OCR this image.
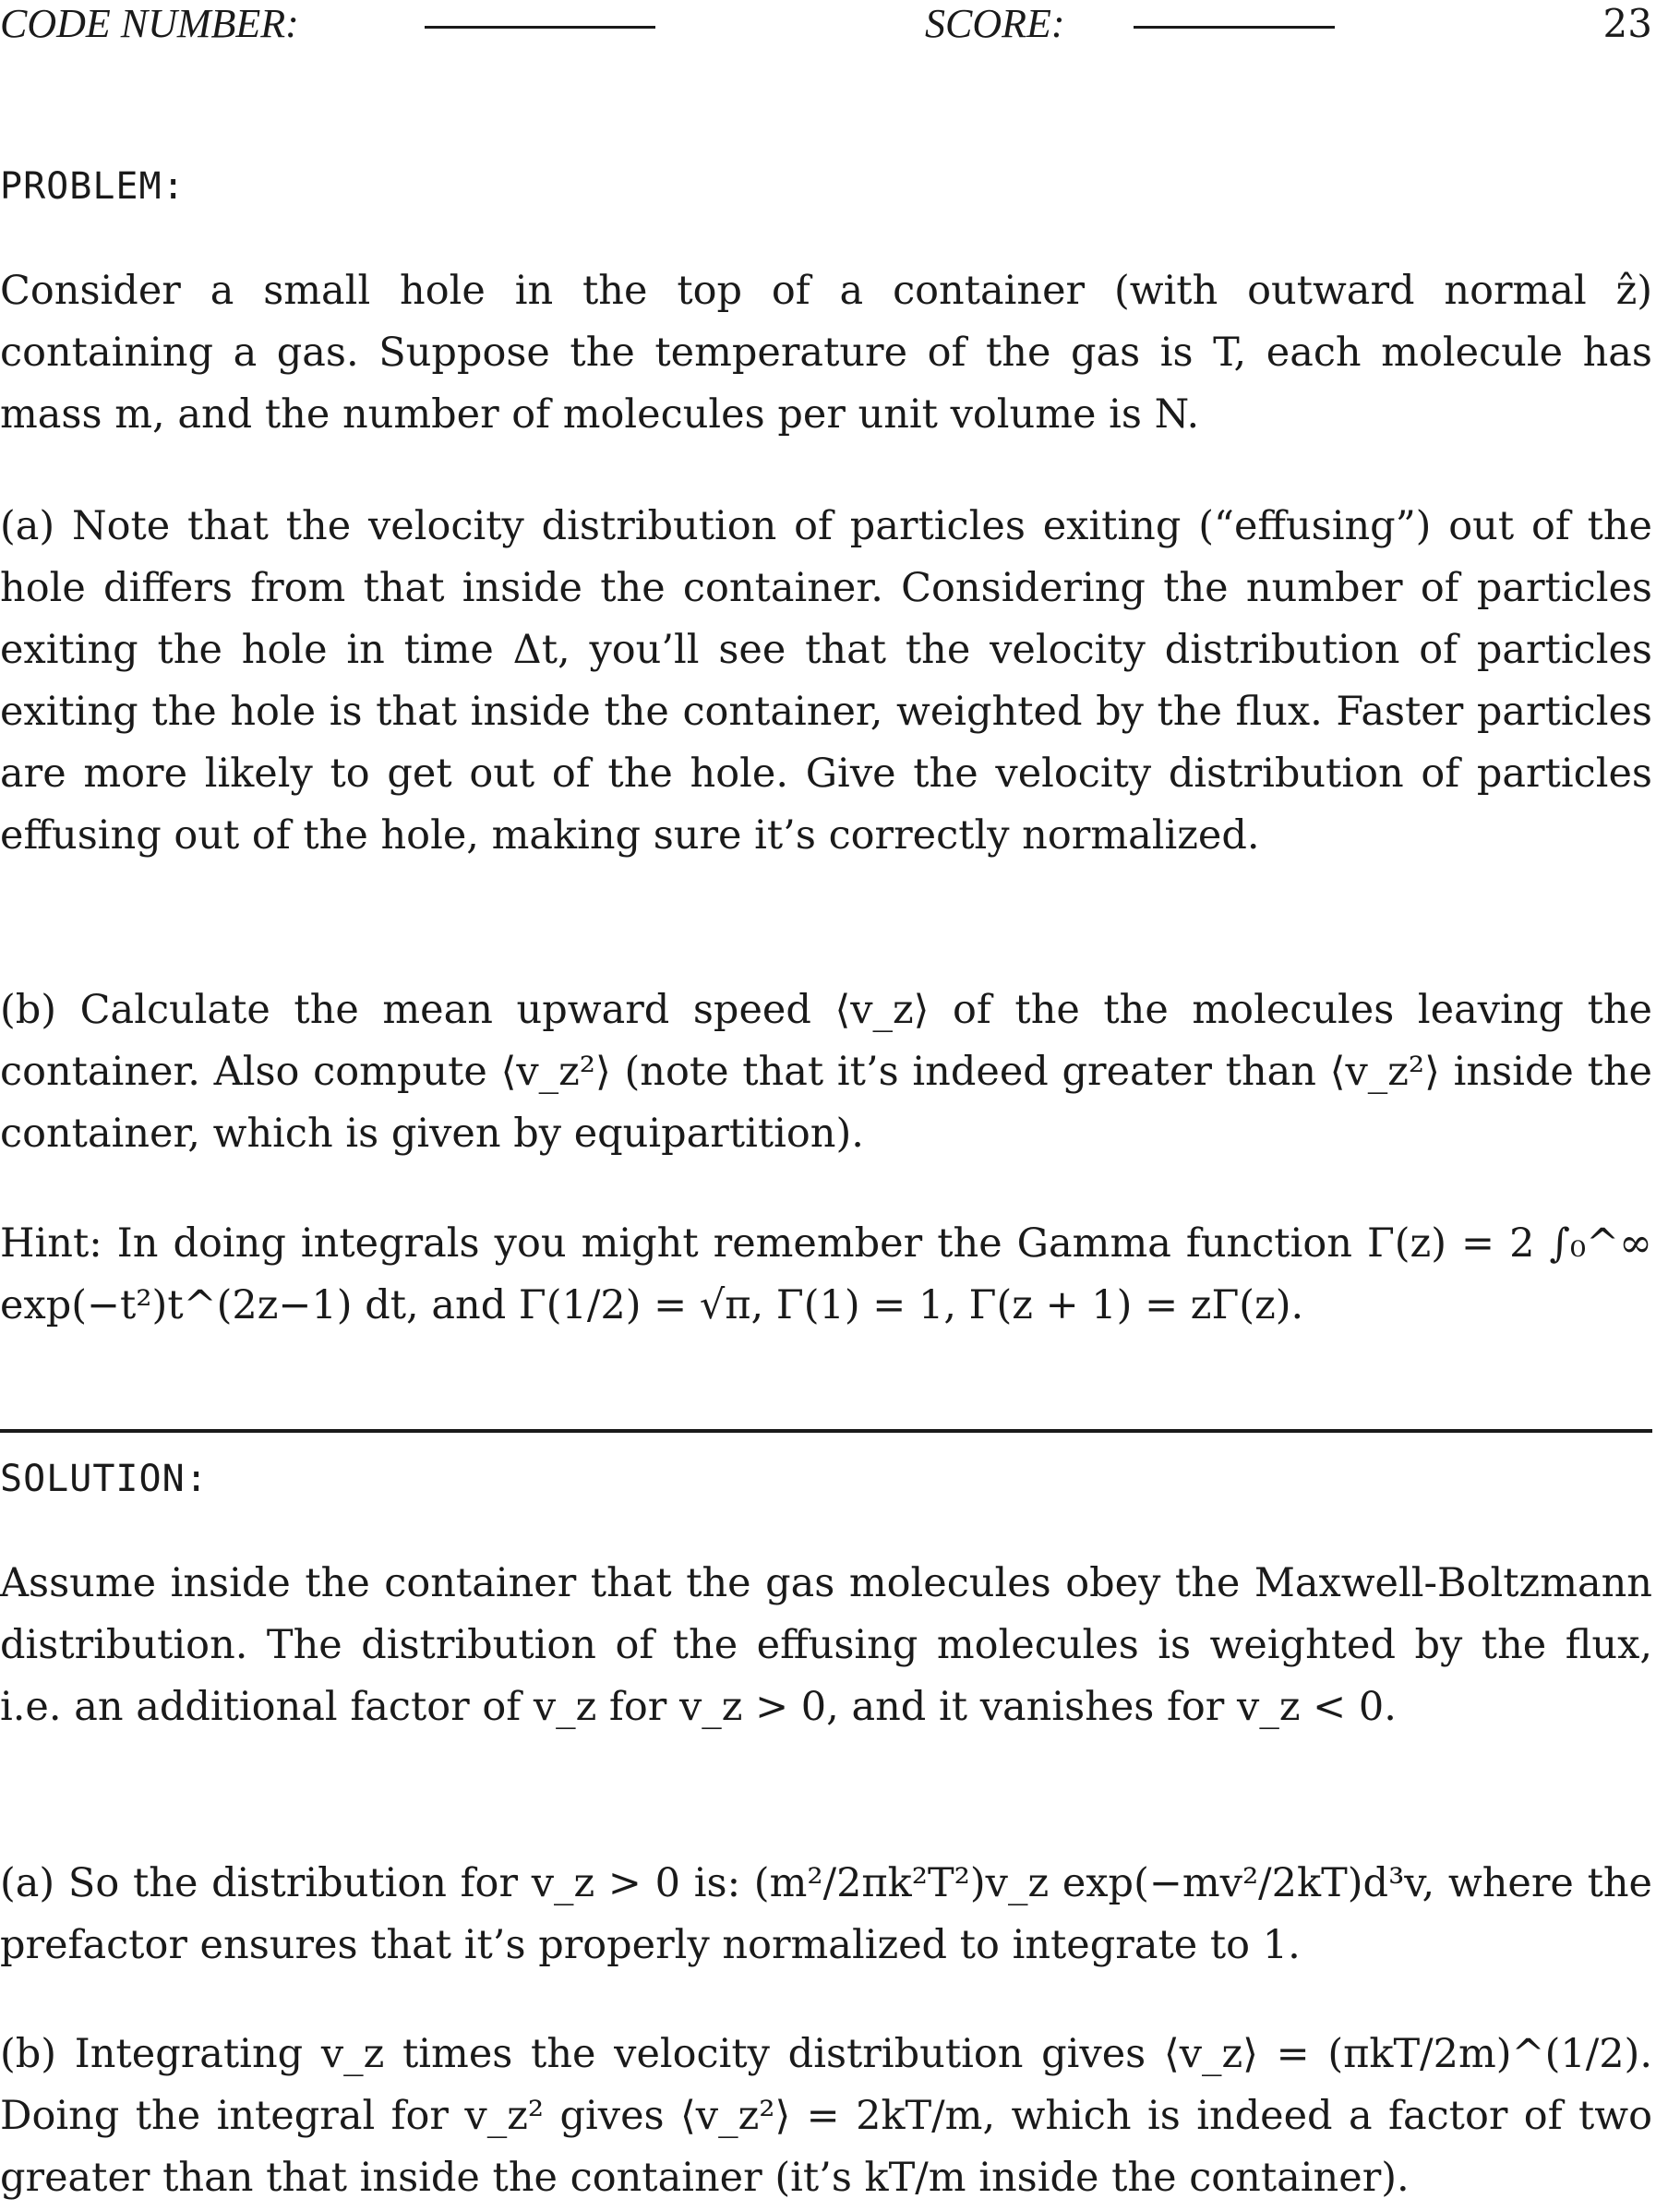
CODE NUMBER:	SCORE:	23
PROBLEM:

Consider a small hole in the top of a container (with outward normal ẑ) containing a gas. Suppose the temperature of the gas is T, each molecule has mass m, and the number of molecules per unit volume is N.

(a) Note that the velocity distribution of particles exiting (“effusing”) out of the hole differs from that inside the container. Considering the number of particles exiting the hole in time Δt, you’ll see that the velocity distribution of particles exiting the hole is that inside the container, weighted by the flux. Faster particles are more likely to get out of the hole. Give the velocity distribution of particles effusing out of the hole, making sure it’s correctly normalized.

(b) Calculate the mean upward speed ⟨v_z⟩ of the the molecules leaving the container. Also compute ⟨v_z²⟩ (note that it’s indeed greater than ⟨v_z²⟩ inside the container, which is given by equipartition).

Hint: In doing integrals you might remember the Gamma function Γ(z) = 2 ∫₀^∞ exp(−t²)t^(2z−1) dt, and Γ(1/2) = √π, Γ(1) = 1, Γ(z + 1) = zΓ(z).

SOLUTION:

Assume inside the container that the gas molecules obey the Maxwell-Boltzmann distribution. The distribution of the effusing molecules is weighted by the flux, i.e. an additional factor of v_z for v_z > 0, and it vanishes for v_z < 0.

(a) So the distribution for v_z > 0 is: (m²/2πk²T²)v_z exp(−mv²/2kT)d³v, where the prefactor ensures that it’s properly normalized to integrate to 1.

(b) Integrating v_z times the velocity distribution gives ⟨v_z⟩ = (πkT/2m)^(1/2). Doing the integral for v_z² gives ⟨v_z²⟩ = 2kT/m, which is indeed a factor of two greater than that inside the container (it’s kT/m inside the container).
